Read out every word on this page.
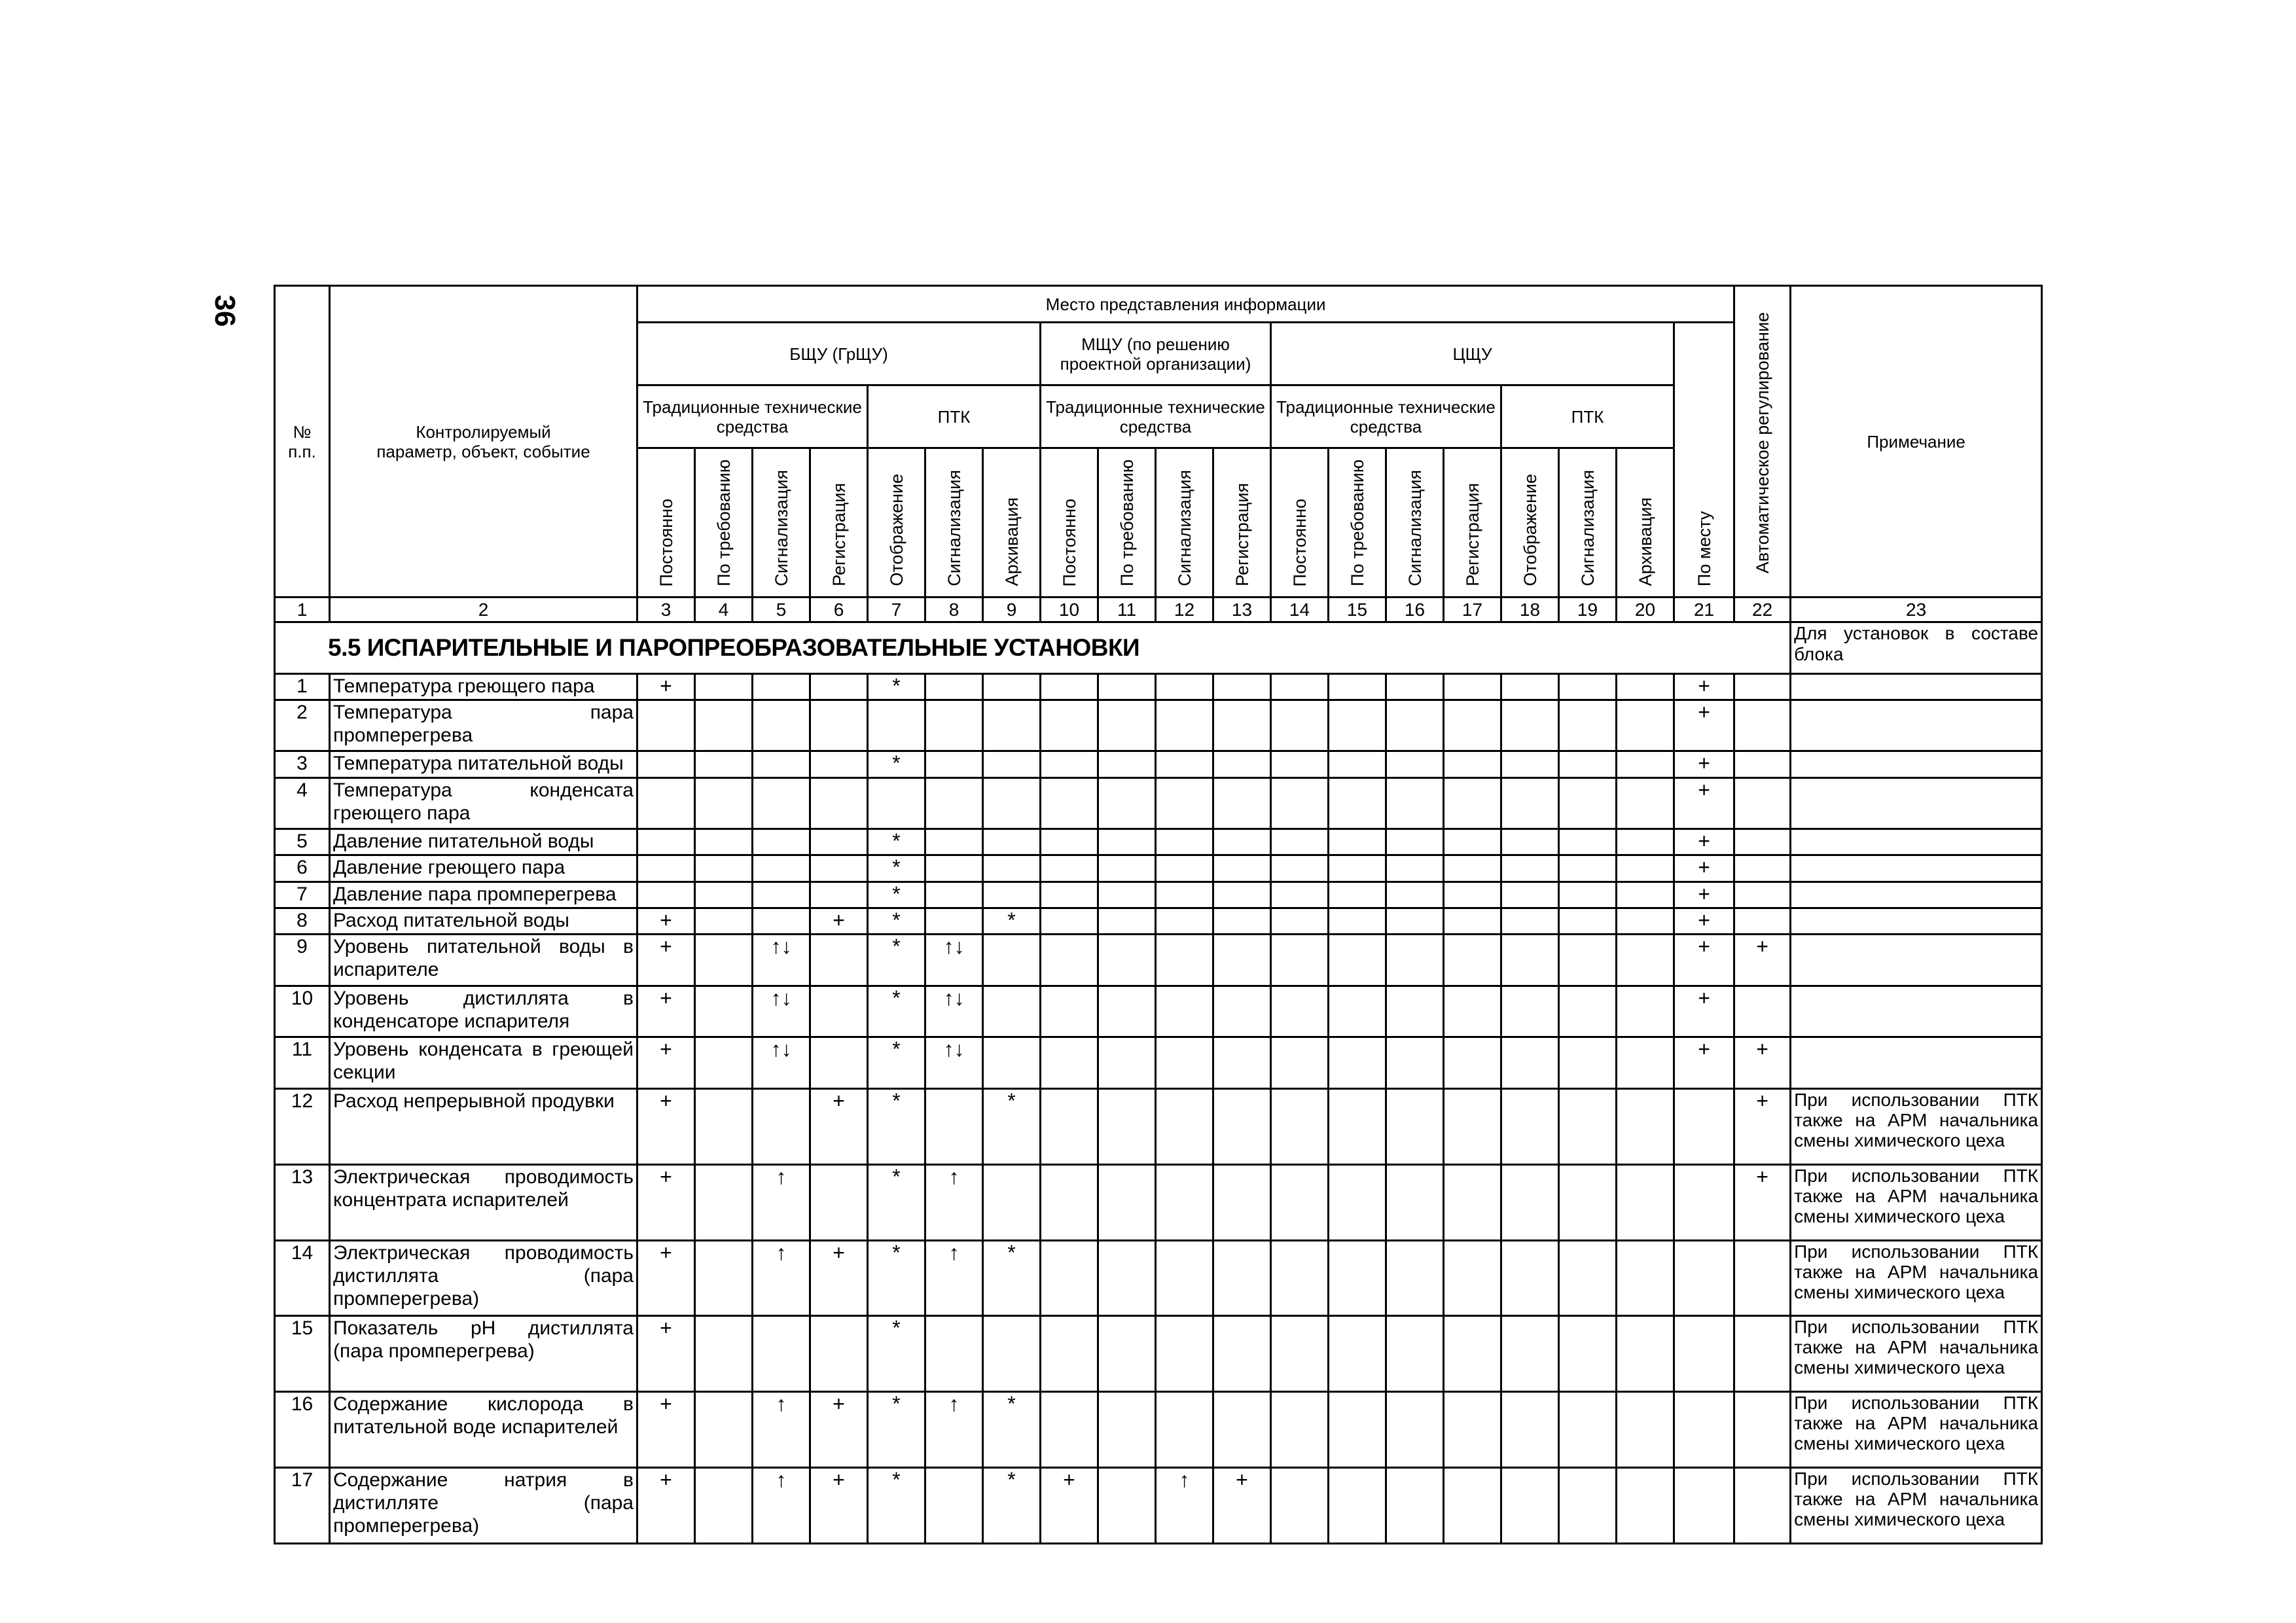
36
№ п.п.	Контролируемый параметр, объект, событие	Место представления информации																			Автоматическое регулирование	Примечание
		БЩУ (ГрЩУ)							МЩУ (по решению проектной организации)				ЦЩУ							По месту		
		Традиционные технические средства				ПТК			Традиционные технические средства				Традиционные технические средства				ПТК					
		Постоянно	По требованию	Сигнализация	Регистрация	Отображение	Сигнализация	Архивация	Постоянно	По требованию	Сигнализация	Регистрация	Постоянно	По требованию	Сигнализация	Регистрация	Отображение	Сигнализация	Архивация			
1	2	3	4	5	6	7	8	9	10	11	12	13	14	15	16	17	18	19	20	21	22	23
5.5 ИСПАРИТЕЛЬНЫЕ И ПАРОПРЕОБРАЗОВАТЕЛЬНЫЕ УСТАНОВКИ																						Для установок в составе блока
1	Температура греющего пара	+				*														+		
2	Температура пара промперегрева																			+		
3	Температура питательной воды					*														+		
4	Температура конденсата греющего пара																			+		
5	Давление питательной воды					*														+		
6	Давление греющего пара					*														+		
7	Давление пара промперегрева					*														+		
8	Расход питательной воды	+			+	*		*												+		
9	Уровень питательной воды в испарителе	+		↑↓		*	↑↓													+	+	
10	Уровень дистиллята в конденсаторе испарителя	+		↑↓		*	↑↓													+		
11	Уровень конденсата в греющей секции	+		↑↓		*	↑↓													+	+	
12	Расход непрерывной продувки	+			+	*		*													+	При использовании ПТК также на АРМ начальника смены химического цеха
13	Электрическая проводимость концентрата испарителей	+		↑		*	↑														+	При использовании ПТК также на АРМ начальника смены химического цеха
14	Электрическая проводимость дистиллята (пара промперегрева)	+		↑	+	*	↑	*														При использовании ПТК также на АРМ начальника смены химического цеха
15	Показатель pH дистиллята (пара промперегрева)	+				*																При использовании ПТК также на АРМ начальника смены химического цеха
16	Содержание кислорода в питательной воде испарителей	+		↑	+	*	↑	*														При использовании ПТК также на АРМ начальника смены химического цеха
17	Содержание натрия в дистилляте (пара промперегрева)	+		↑	+	*		*	+		↑	+										При использовании ПТК также на АРМ начальника смены химического цеха
